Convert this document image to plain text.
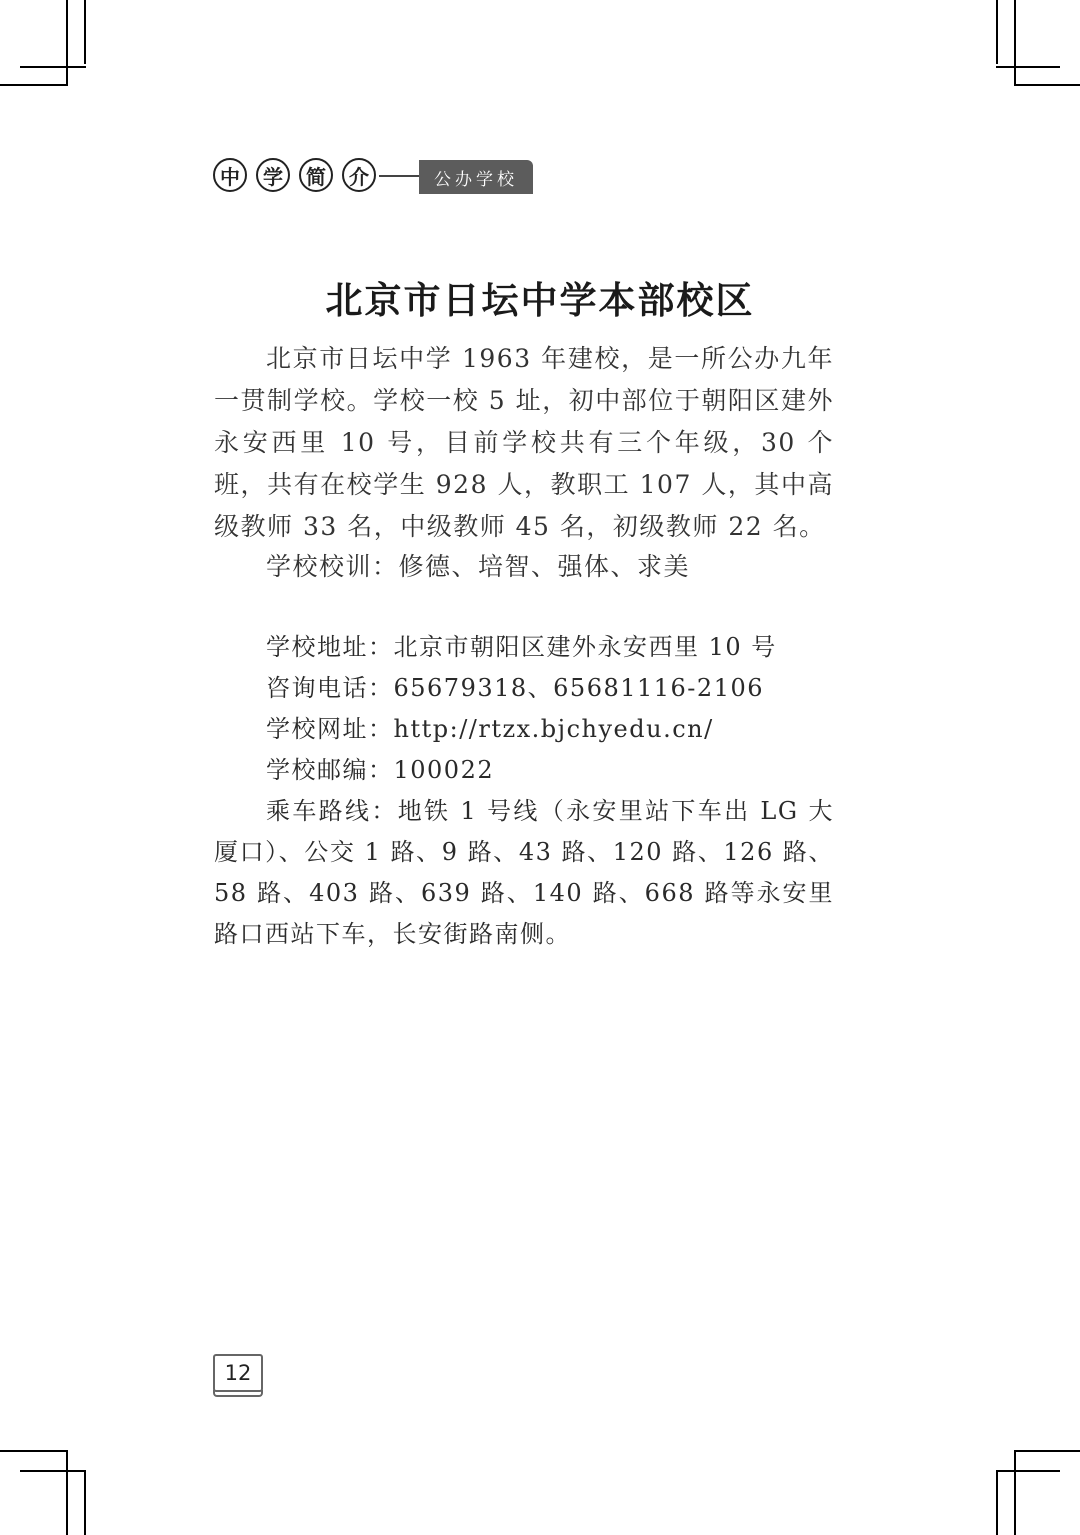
中	学	简	介	公办学校
北京市日坛中学本部校区

北京市日坛中学 1963 年建校，是一所公办九年一贯制学校。学校一校 5 址，初中部位于朝阳区建外永安西里 10 号，目前学校共有三个年级，30 个班，共有在校学生 928 人，教职工 107 人，其中高级教师 33 名，中级教师 45 名，初级教师 22 名。

学校校训：修德、培智、强体、求美

学校地址：北京市朝阳区建外永安西里 10 号

咨询电话：65679318、65681116-2106

学校网址：http://rtzx.bjchyedu.cn/

学校邮编：100022

乘车路线：地铁 1 号线（永安里站下车出 LG 大厦口）、公交 1 路、9 路、43 路、120 路、126 路、58 路、403 路、639 路、140 路、668 路等永安里路口西站下车，长安街路南侧。

12
